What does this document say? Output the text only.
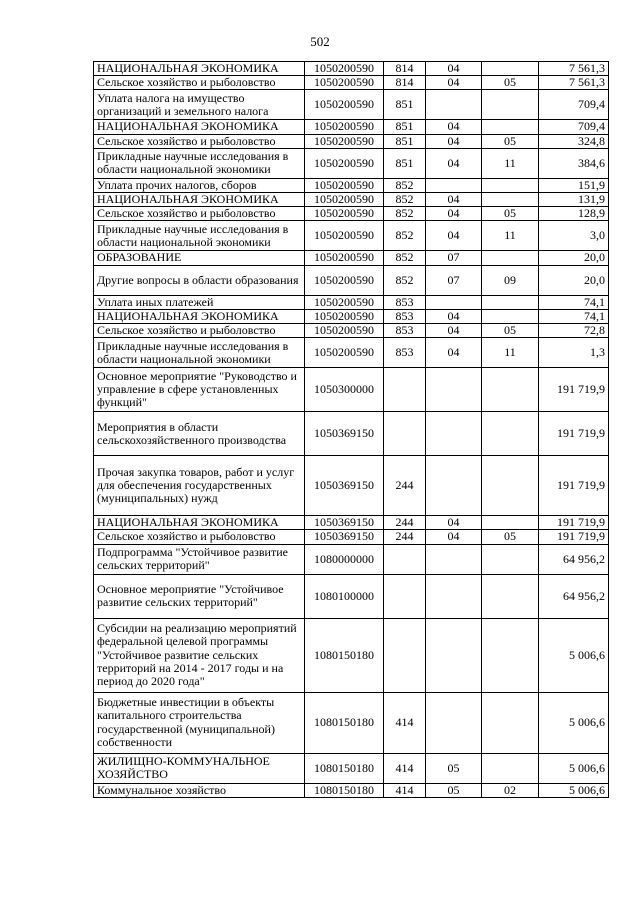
502
НАЦИОНАЛЬНАЯ ЭКОНОМИКА	1050200590	814	04		7 561,3
Сельское хозяйство и рыболовство	1050200590	814	04	05	7 561,3
Уплата налога на имущество организаций и земельного налога	1050200590	851			709,4
НАЦИОНАЛЬНАЯ ЭКОНОМИКА	1050200590	851	04		709,4
Сельское хозяйство и рыболовство	1050200590	851	04	05	324,8
Прикладные научные исследования в области национальной экономики	1050200590	851	04	11	384,6
Уплата прочих налогов, сборов	1050200590	852			151,9
НАЦИОНАЛЬНАЯ ЭКОНОМИКА	1050200590	852	04		131,9
Сельское хозяйство и рыболовство	1050200590	852	04	05	128,9
Прикладные научные исследования в области национальной экономики	1050200590	852	04	11	3,0
ОБРАЗОВАНИЕ	1050200590	852	07		20,0
Другие вопросы в области образования	1050200590	852	07	09	20,0
Уплата иных платежей	1050200590	853			74,1
НАЦИОНАЛЬНАЯ ЭКОНОМИКА	1050200590	853	04		74,1
Сельское хозяйство и рыболовство	1050200590	853	04	05	72,8
Прикладные научные исследования в области национальной экономики	1050200590	853	04	11	1,3
Основное мероприятие "Руководство и управление в сфере установленных функций"	1050300000				191 719,9
Мероприятия в области сельскохозяйственного производства	1050369150				191 719,9
Прочая закупка товаров, работ и услуг для обеспечения государственных (муниципальных) нужд	1050369150	244			191 719,9
НАЦИОНАЛЬНАЯ ЭКОНОМИКА	1050369150	244	04		191 719,9
Сельское хозяйство и рыболовство	1050369150	244	04	05	191 719,9
Подпрограмма "Устойчивое развитие сельских территорий"	1080000000				64 956,2
Основное мероприятие "Устойчивое развитие сельских территорий"	1080100000				64 956,2
Субсидии на реализацию мероприятий федеральной целевой программы "Устойчивое развитие сельских территорий на 2014 - 2017 годы и на период до 2020 года"	1080150180				5 006,6
Бюджетные инвестиции в объекты капитального строительства государственной (муниципальной) собственности	1080150180	414			5 006,6
ЖИЛИЩНО-КОММУНАЛЬНОЕ ХОЗЯЙСТВО	1080150180	414	05		5 006,6
Коммунальное хозяйство	1080150180	414	05	02	5 006,6
